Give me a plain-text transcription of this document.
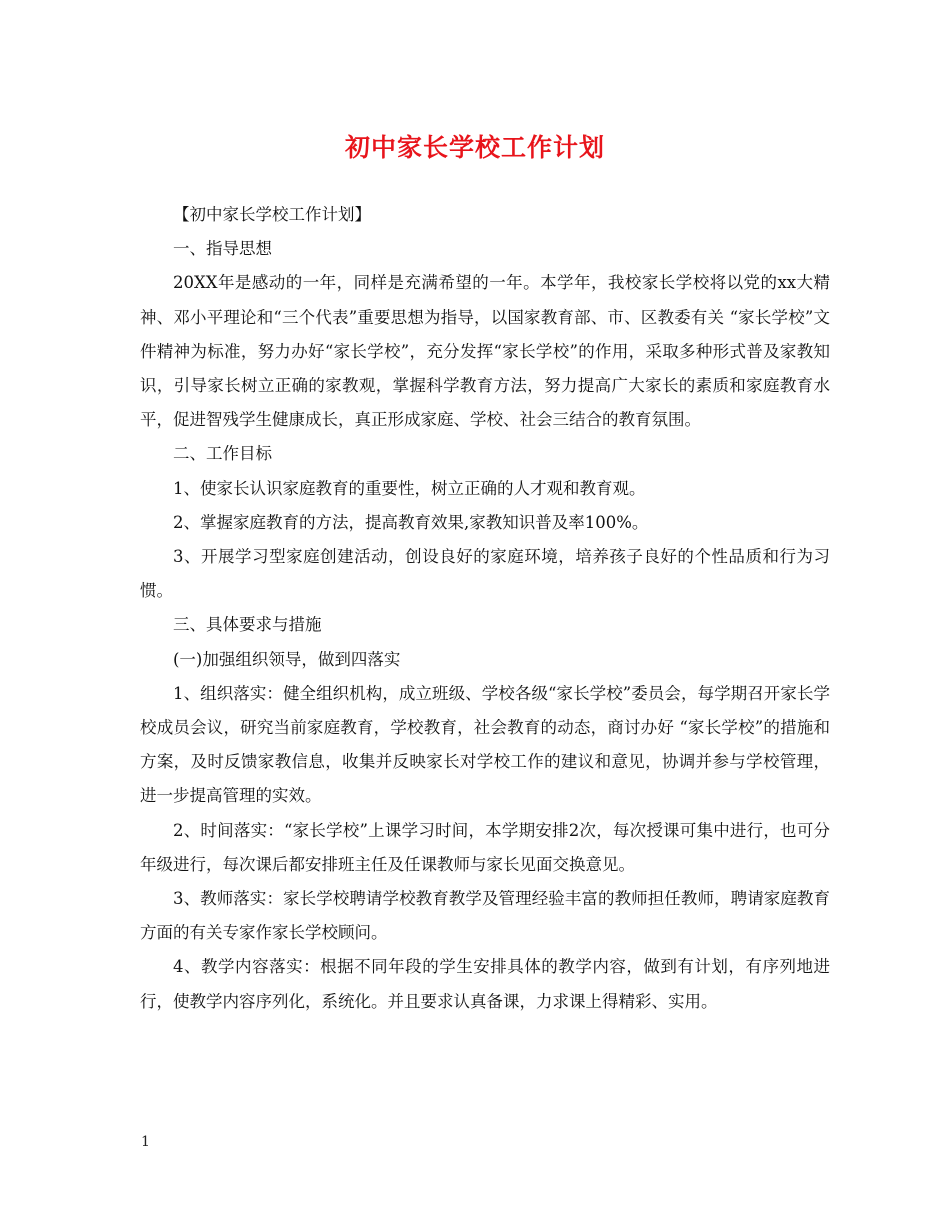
初中家长学校工作计划

【初中家长学校工作计划】

一、指导思想

20XX年是感动的一年，同样是充满希望的一年。本学年，我校家长学校将以党的xx大精神、邓小平理论和“三个代表”重要思想为指导，以国家教育部、市、区教委有关 “家长学校”文件精神为标准，努力办好“家长学校”，充分发挥“家长学校”的作用，采取多种形式普及家教知识，引导家长树立正确的家教观，掌握科学教育方法，努力提高广大家长的素质和家庭教育水平，促进智残学生健康成长，真正形成家庭、学校、社会三结合的教育氛围。

二、工作目标

1、使家长认识家庭教育的重要性，树立正确的人才观和教育观。

2、掌握家庭教育的方法，提高教育效果,家教知识普及率100%。

3、开展学习型家庭创建活动，创设良好的家庭环境，培养孩子良好的个性品质和行为习惯。

三、具体要求与措施

(一)加强组织领导，做到四落实

1、组织落实：健全组织机构，成立班级、学校各级“家长学校”委员会，每学期召开家长学校成员会议，研究当前家庭教育，学校教育，社会教育的动态，商讨办好 “家长学校”的措施和方案，及时反馈家教信息，收集并反映家长对学校工作的建议和意见，协调并参与学校管理，进一步提高管理的实效。

2、时间落实：“家长学校”上课学习时间，本学期安排2次，每次授课可集中进行，也可分年级进行，每次课后都安排班主任及任课教师与家长见面交换意见。

3、教师落实：家长学校聘请学校教育教学及管理经验丰富的教师担任教师，聘请家庭教育方面的有关专家作家长学校顾问。

4、教学内容落实：根据不同年段的学生安排具体的教学内容，做到有计划，有序列地进行，使教学内容序列化，系统化。并且要求认真备课，力求课上得精彩、实用。

1
